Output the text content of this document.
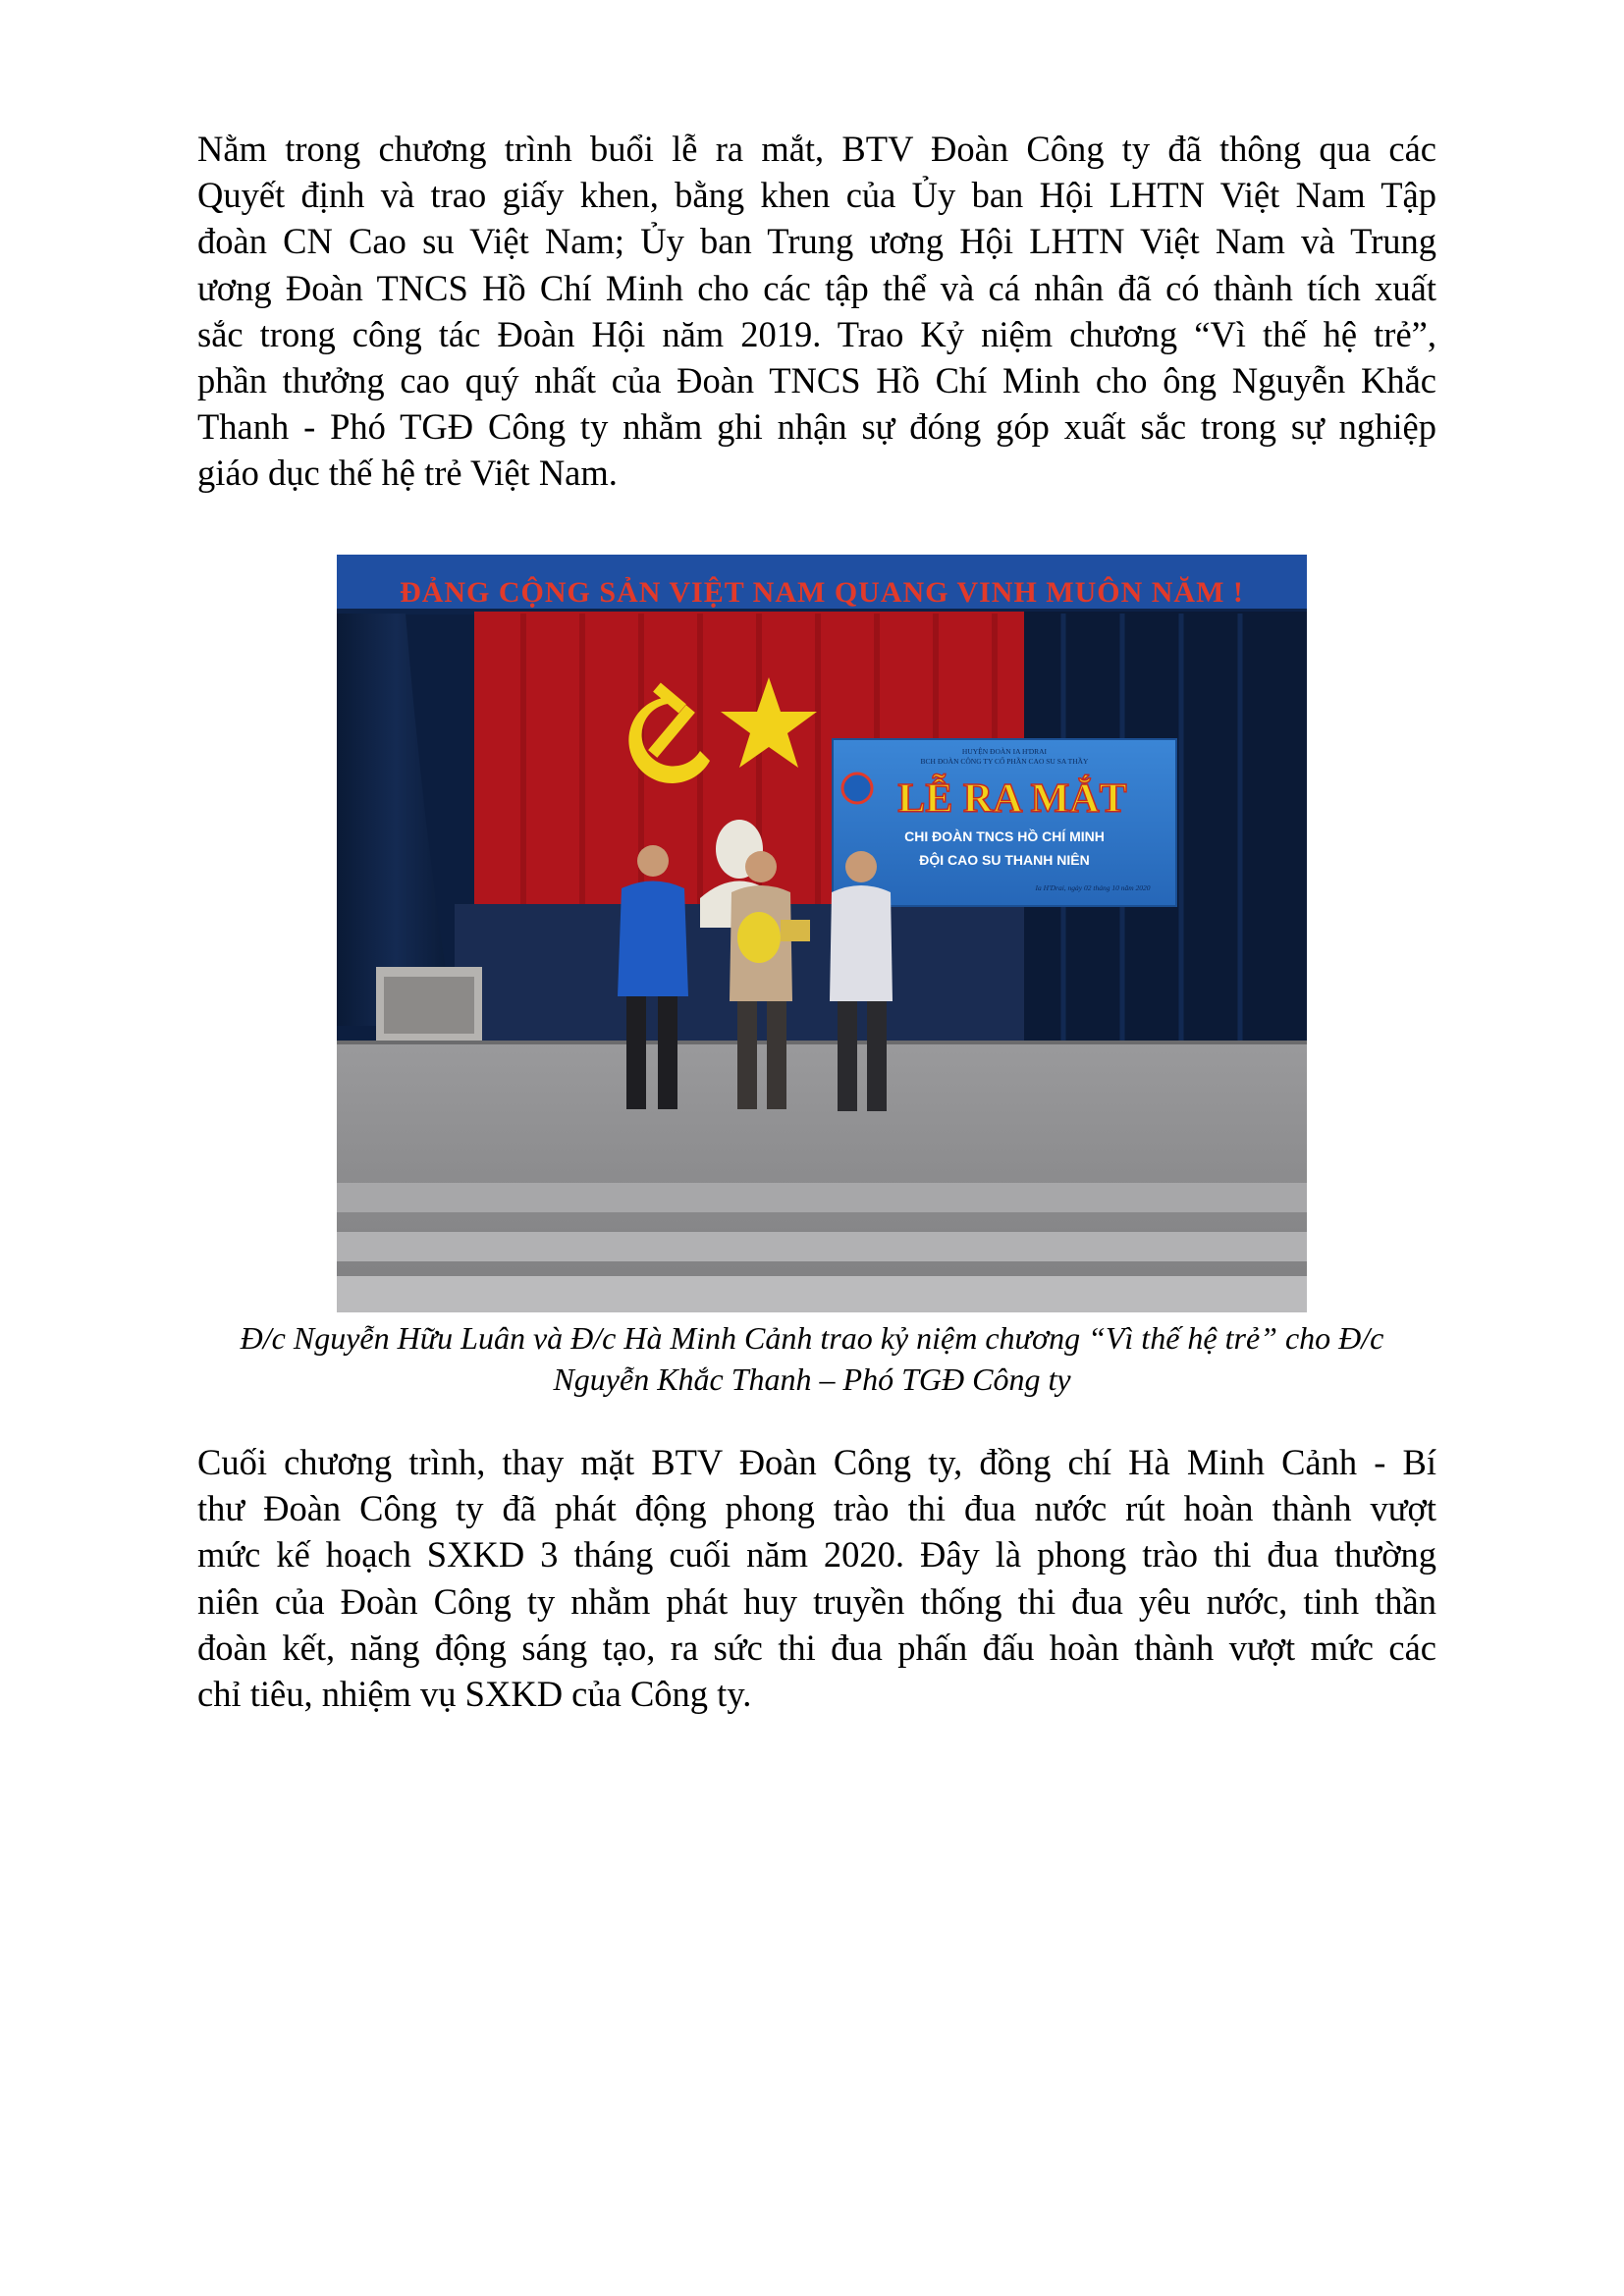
Nằm trong chương trình buổi lễ ra mắt, BTV Đoàn Công ty đã thông qua các
Quyết định và trao giấy khen, bằng khen của Ủy ban Hội LHTN Việt Nam Tập
đoàn CN Cao su Việt Nam; Ủy ban Trung ương Hội LHTN Việt Nam và Trung
ương Đoàn TNCS Hồ Chí Minh cho các tập thể và cá nhân đã có thành tích xuất
sắc trong công tác Đoàn Hội năm 2019. Trao Kỷ niệm chương “Vì thế hệ trẻ”,
phần thưởng cao quý nhất của Đoàn TNCS Hồ Chí Minh cho ông Nguyễn Khắc
Thanh - Phó TGĐ Công ty nhằm ghi nhận sự đóng góp xuất sắc trong sự nghiệp
giáo dục thế hệ trẻ Việt Nam.

ĐẢNG CỘNG SẢN VIỆT NAM QUANG VINH MUÔN NĂM !
HUYỆN ĐOÀN IA H'DRAI
BCH ĐOÀN CÔNG TY CỔ PHẦN CAO SU SA THẦY
LỄ RA MẮT
CHI ĐOÀN TNCS HỒ CHÍ MINH
ĐỘI CAO SU THANH NIÊN
Ia H'Drai, ngày 02 tháng 10 năm 2020
Đ/c Nguyễn Hữu Luân và Đ/c Hà Minh Cảnh trao kỷ niệm chương “Vì thế hệ trẻ” cho Đ/c
Nguyễn Khắc Thanh – Phó TGĐ Công ty

Cuối chương trình, thay mặt BTV Đoàn Công ty, đồng chí Hà Minh Cảnh - Bí
thư Đoàn Công ty đã phát động phong trào thi đua nước rút hoàn thành vượt
mức kế hoạch SXKD 3 tháng cuối năm 2020. Đây là phong trào thi đua thường
niên của Đoàn Công ty nhằm phát huy truyền thống thi đua yêu nước, tinh thần
đoàn kết, năng động sáng tạo, ra sức thi đua phấn đấu hoàn thành vượt mức các
chỉ tiêu, nhiệm vụ SXKD của Công ty.
